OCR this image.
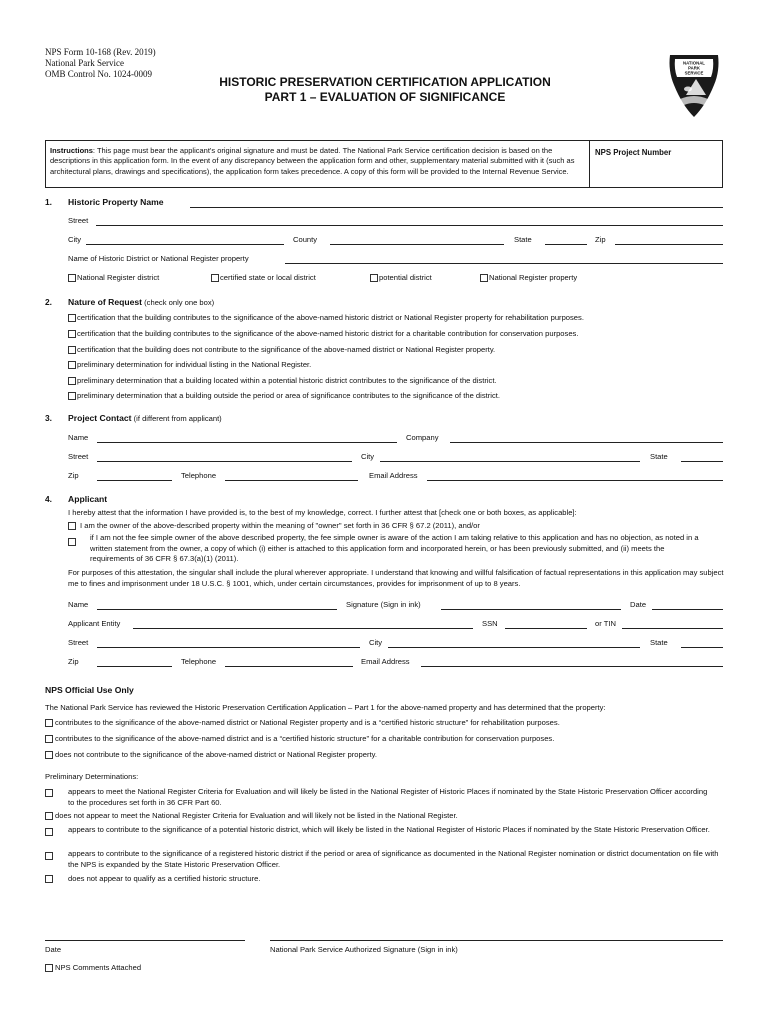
NPS Form 10-168 (Rev. 2019)
National Park Service
OMB Control No. 1024-0009
HISTORIC PRESERVATION CERTIFICATION APPLICATION
PART 1 – EVALUATION OF SIGNIFICANCE
NATIONAL
PARK
SERVICE
Instructions: This page must bear the applicant's original signature and must be dated. The National Park Service certification decision is based on the descriptions in this application form. In the event of any discrepancy between the application form and other, supplementary material submitted with it (such as architectural plans, drawings and specifications), the application form takes precedence. A copy of this form will be provided to the Internal Revenue Service.
NPS Project Number
1. Historic Property Name
Street
City	County	State	Zip
Name of Historic District or National Register property
National Register district	certified state or local district	potential district	National Register property
2. Nature of Request (check only one box)
certification that the building contributes to the significance of the above-named historic district or National Register property for rehabilitation purposes.
certification that the building contributes to the significance of the above-named historic district for a charitable contribution for conservation purposes.
certification that the building does not contribute to the significance of the above-named district or National Register property.
preliminary determination for individual listing in the National Register.
preliminary determination that a building located within a potential historic district contributes to the significance of the district.
preliminary determination that a building outside the period or area of significance contributes to the significance of the district.
3. Project Contact (if different from applicant)
Name	Company
Street	City	State
Zip	Telephone	Email Address
4. Applicant
I hereby attest that the information I have provided is, to the best of my knowledge, correct. I further attest that [check one or both boxes, as applicable]:
I am the owner of the above-described property within the meaning of "owner" set forth in 36 CFR § 67.2 (2011), and/or
if I am not the fee simple owner of the above described property, the fee simple owner is aware of the action I am taking relative to this application and has no objection, as noted in a written statement from the owner, a copy of which (i) either is attached to this application form and incorporated herein, or has been previously submitted, and (ii) meets the requirements of 36 CFR § 67.3(a)(1) (2011).
For purposes of this attestation, the singular shall include the plural wherever appropriate. I understand that knowing and willful falsification of factual representations in this application may subject me to fines and imprisonment under 18 U.S.C. § 1001, which, under certain circumstances, provides for imprisonment of up to 8 years.
Name	Signature (Sign in ink)	Date
Applicant Entity	SSN	or TIN
Street	City	State
Zip	Telephone	Email Address
NPS Official Use Only
The National Park Service has reviewed the Historic Preservation Certification Application – Part 1 for the above-named property and has determined that the property:
contributes to the significance of the above-named district or National Register property and is a “certified historic structure” for rehabilitation purposes.
contributes to the significance of the above-named district and is a “certified historic structure” for a charitable contribution for conservation purposes.
does not contribute to the significance of the above-named district or National Register property.
Preliminary Determinations:
appears to meet the National Register Criteria for Evaluation and will likely be listed in the National Register of Historic Places if nominated by the State Historic Preservation Officer according to the procedures set forth in 36 CFR Part 60.
does not appear to meet the National Register Criteria for Evaluation and will likely not be listed in the National Register.
appears to contribute to the significance of a potential historic district, which will likely be listed in the National Register of Historic Places if nominated by the State Historic Preservation Officer.
appears to contribute to the significance of a registered historic district if the period or area of significance as documented in the National Register nomination or district documentation on file with the NPS is expanded by the State Historic Preservation Officer.
does not appear to qualify as a certified historic structure.
Date	National Park Service Authorized Signature (Sign in ink)
NPS Comments Attached
